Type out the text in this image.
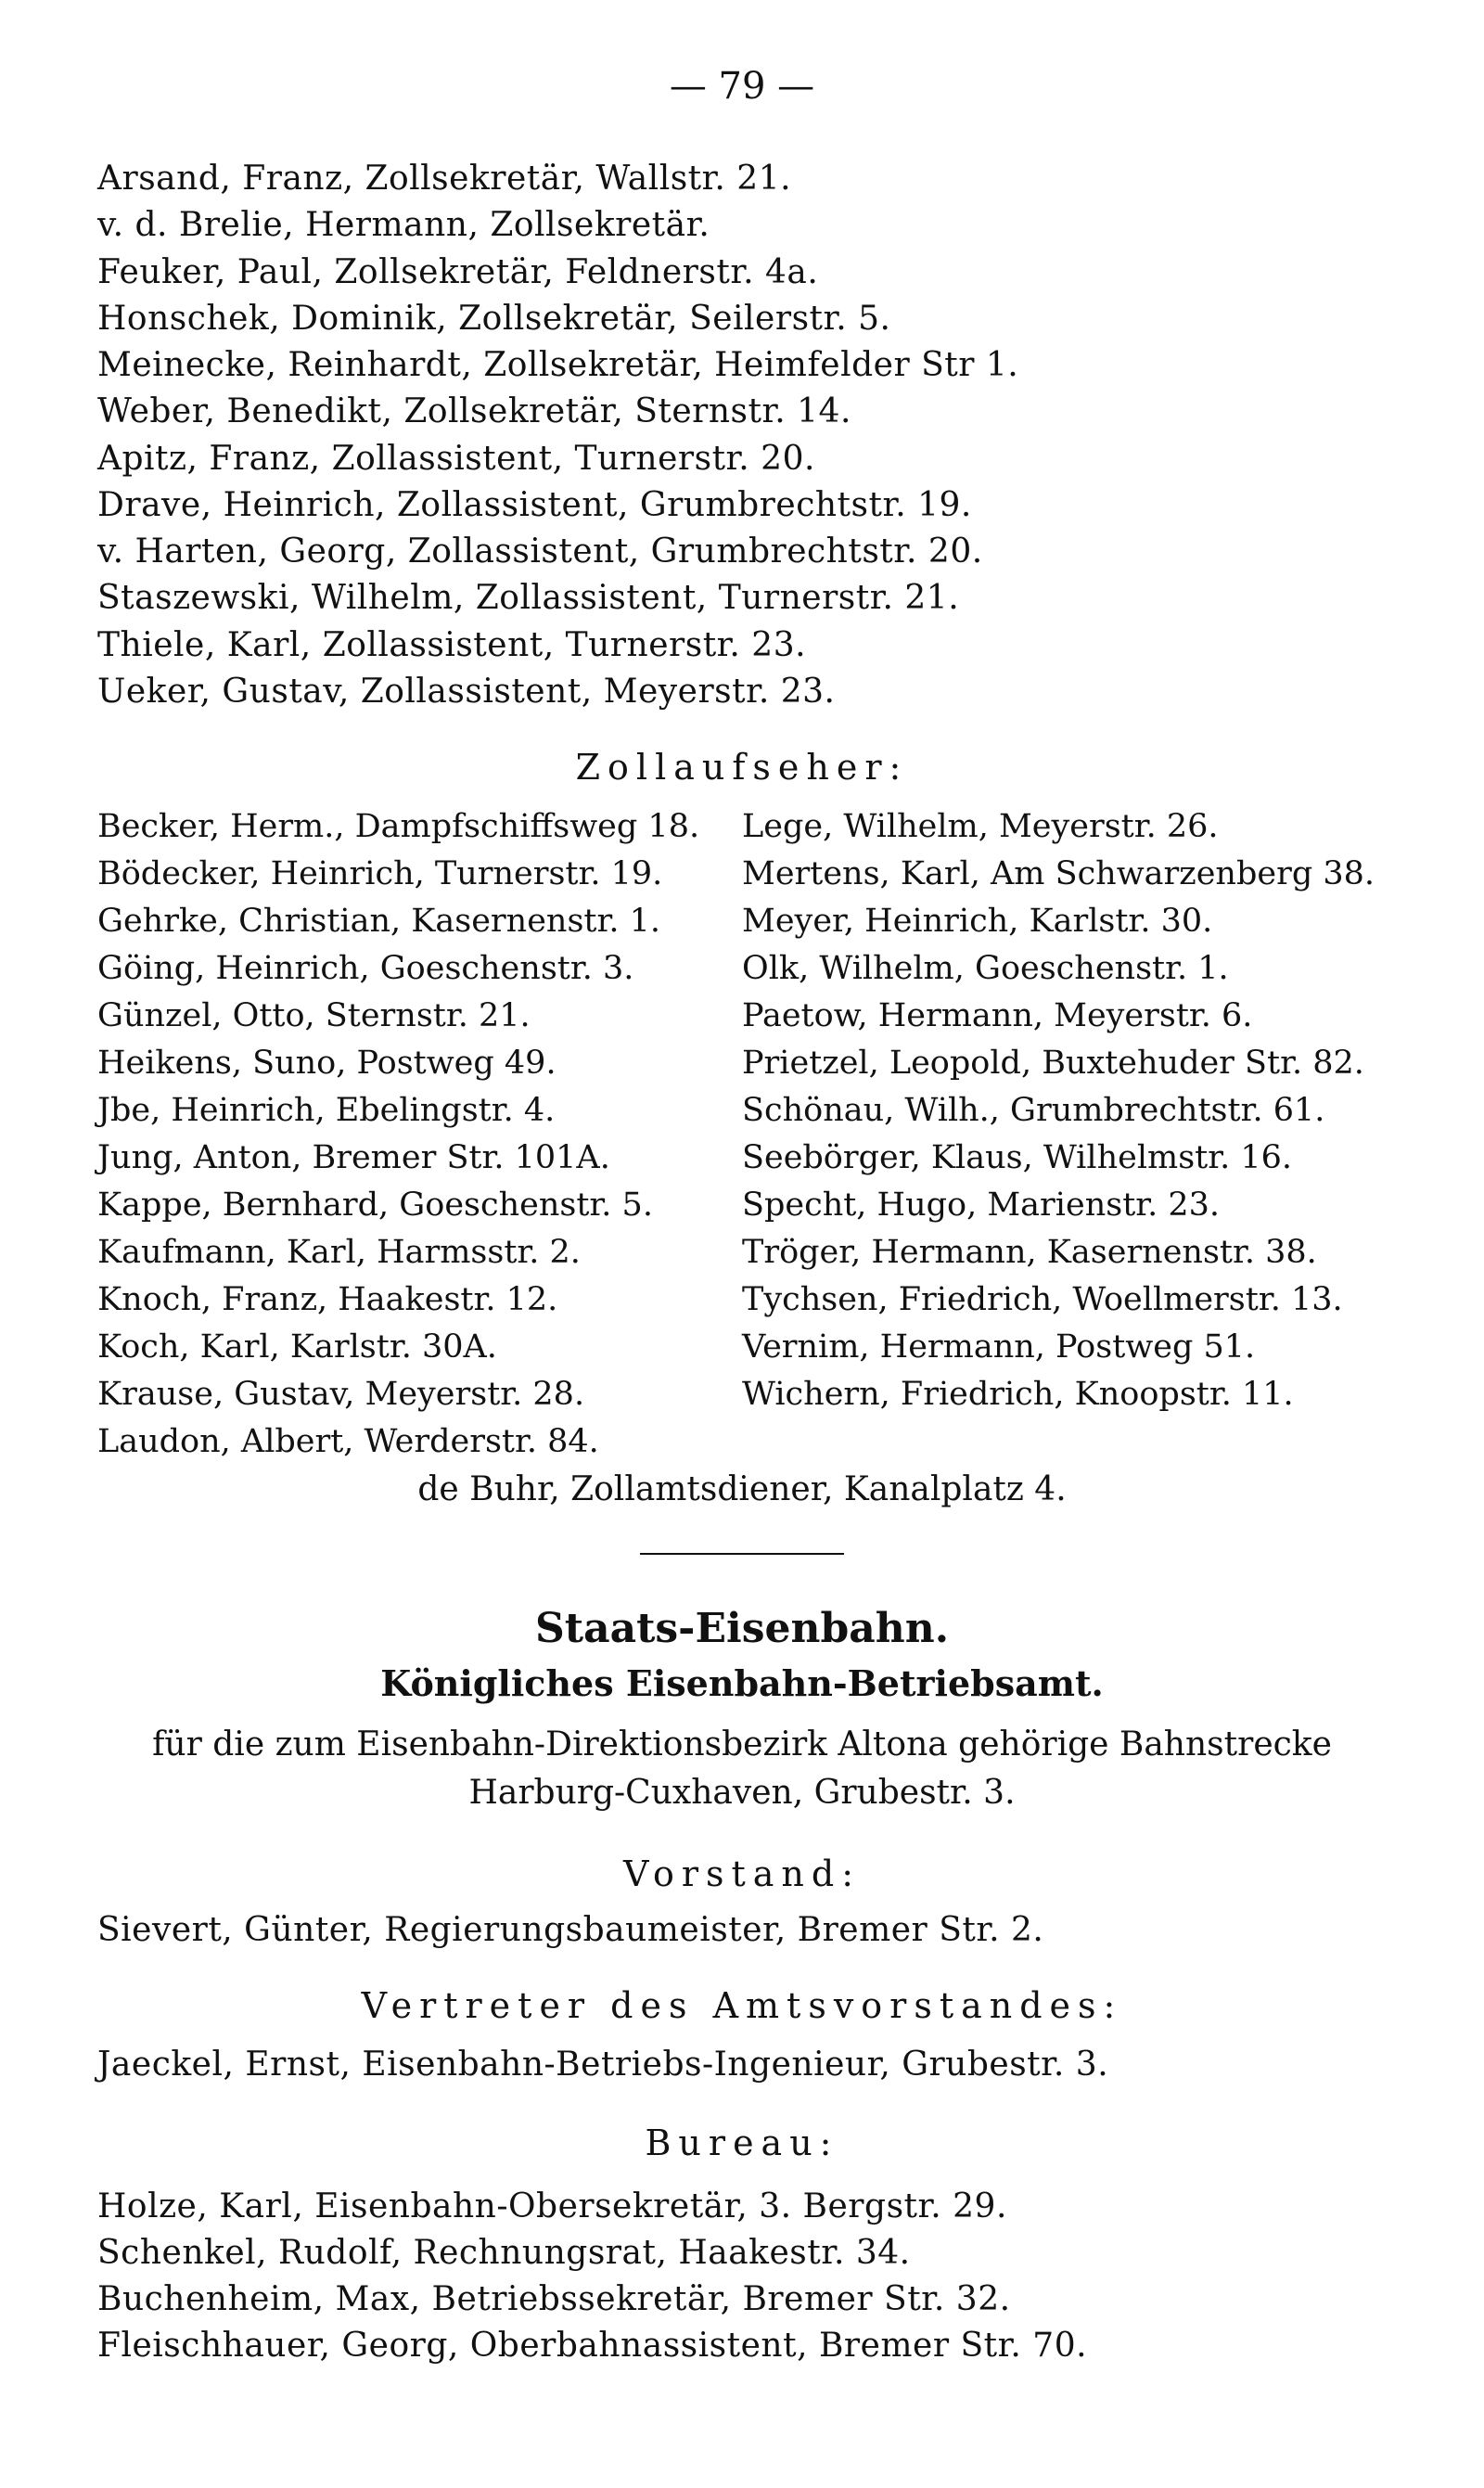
— 79 —
Arsand, Franz, Zollsekretär, Wallstr. 21.
v. d. Brelie, Hermann, Zollsekretär.
Feuker, Paul, Zollsekretär, Feldnerstr. 4a.
Honschek, Dominik, Zollsekretär, Seilerstr. 5.
Meinecke, Reinhardt, Zollsekretär, Heimfelder Str 1.
Weber, Benedikt, Zollsekretär, Sternstr. 14.
Apitz, Franz, Zollassistent, Turnerstr. 20.
Drave, Heinrich, Zollassistent, Grumbrechtstr. 19.
v. Harten, Georg, Zollassistent, Grumbrechtstr. 20.
Staszewski, Wilhelm, Zollassistent, Turnerstr. 21.
Thiele, Karl, Zollassistent, Turnerstr. 23.
Ueker, Gustav, Zollassistent, Meyerstr. 23.
Zollaufseher:
Becker, Herm., Dampfschiffsweg 18.
Bödecker, Heinrich, Turnerstr. 19.
Gehrke, Christian, Kasernenstr. 1.
Göing, Heinrich, Goeschenstr. 3.
Günzel, Otto, Sternstr. 21.
Heikens, Suno, Postweg 49.
Jbe, Heinrich, Ebelingstr. 4.
Jung, Anton, Bremer Str. 101A.
Kappe, Bernhard, Goeschenstr. 5.
Kaufmann, Karl, Harmsstr. 2.
Knoch, Franz, Haakestr. 12.
Koch, Karl, Karlstr. 30A.
Krause, Gustav, Meyerstr. 28.
Laudon, Albert, Werderstr. 84.
Lege, Wilhelm, Meyerstr. 26.
Mertens, Karl, Am Schwarzenberg 38.
Meyer, Heinrich, Karlstr. 30.
Olk, Wilhelm, Goeschenstr. 1.
Paetow, Hermann, Meyerstr. 6.
Prietzel, Leopold, Buxtehuder Str. 82.
Schönau, Wilh., Grumbrechtstr. 61.
Seebörger, Klaus, Wilhelmstr. 16.
Specht, Hugo, Marienstr. 23.
Tröger, Hermann, Kasernenstr. 38.
Tychsen, Friedrich, Woellmerstr. 13.
Vernim, Hermann, Postweg 51.
Wichern, Friedrich, Knoopstr. 11.
de Buhr, Zollamtsdiener, Kanalplatz 4.
Staats-Eisenbahn.
Königliches Eisenbahn-Betriebsamt.
für die zum Eisenbahn-Direktionsbezirk Altona gehörige Bahnstrecke
Harburg-Cuxhaven, Grubestr. 3.
Vorstand:
Sievert, Günter, Regierungsbaumeister, Bremer Str. 2.
Vertreter des Amtsvorstandes:
Jaeckel, Ernst, Eisenbahn-Betriebs-Ingenieur, Grubestr. 3.
Bureau:
Holze, Karl, Eisenbahn-Obersekretär, 3. Bergstr. 29.
Schenkel, Rudolf, Rechnungsrat, Haakestr. 34.
Buchenheim, Max, Betriebssekretär, Bremer Str. 32.
Fleischhauer, Georg, Oberbahnassistent, Bremer Str. 70.
